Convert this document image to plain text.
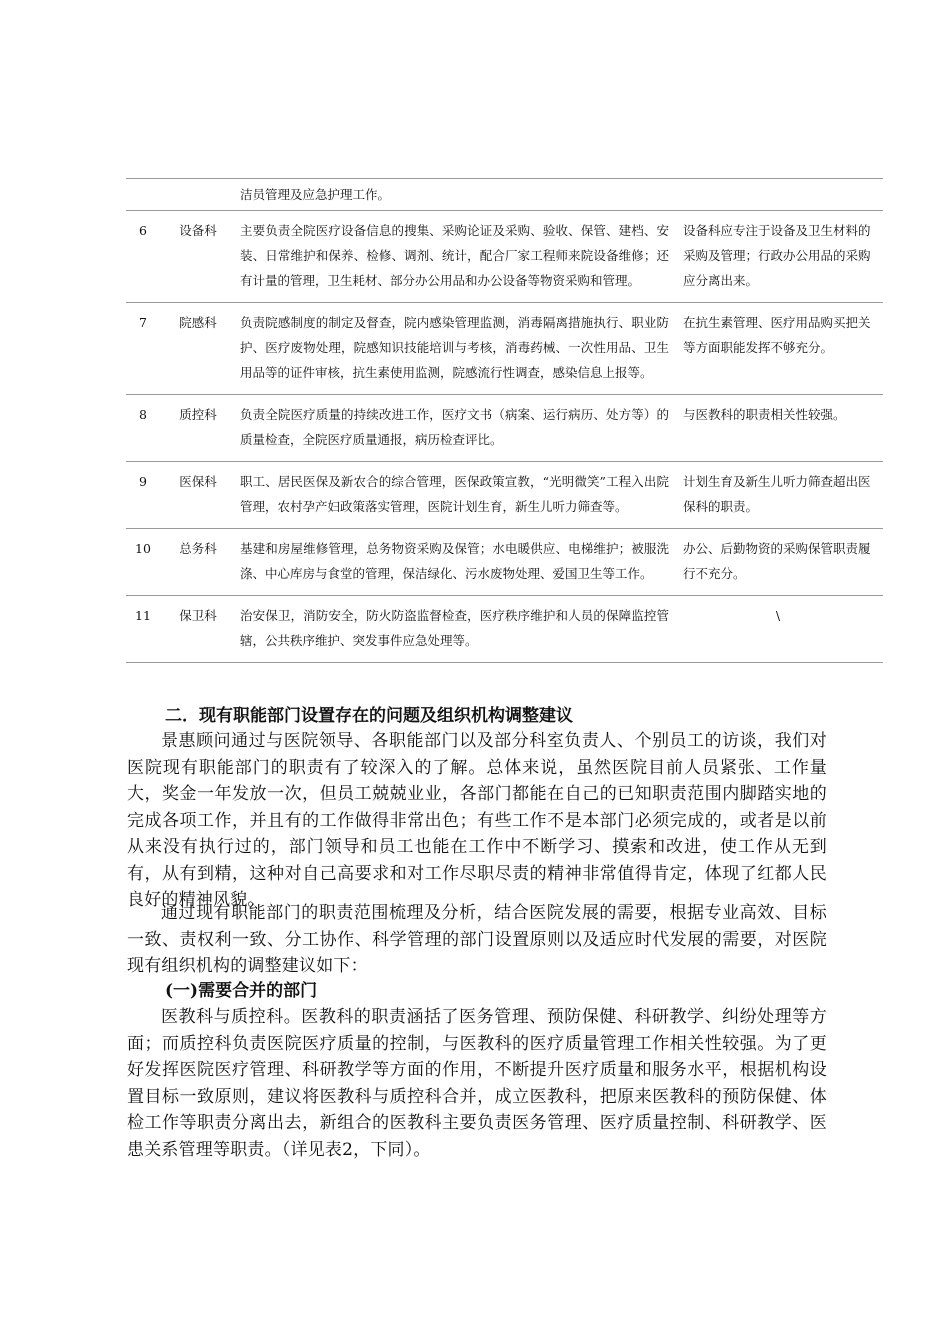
		洁员管理及应急护理工作。	
6	设备科	主要负责全院医疗设备信息的搜集、采购论证及采购、验收、保管、建档、安装、日常维护和保养、检修、调剂、统计，配合厂家工程师来院设备维修；还有计量的管理，卫生耗材、部分办公用品和办公设备等物资采购和管理。	设备科应专注于设备及卫生材料的采购及管理；行政办公用品的采购应分离出来。
7	院感科	负责院感制度的制定及督查，院内感染管理监测，消毒隔离措施执行、职业防护、医疗废物处理，院感知识技能培训与考核，消毒药械、一次性用品、卫生用品等的证件审核，抗生素使用监测，院感流行性调查，感染信息上报等。	在抗生素管理、医疗用品购买把关等方面职能发挥不够充分。
8	质控科	负责全院医疗质量的持续改进工作，医疗文书（病案、运行病历、处方等）的质量检查，全院医疗质量通报，病历检查评比。	与医教科的职责相关性较强。
9	医保科	职工、居民医保及新农合的综合管理，医保政策宣教，“光明微笑”工程入出院管理，农村孕产妇政策落实管理，医院计划生育，新生儿听力筛查等。	计划生育及新生儿听力筛查超出医保科的职责。
10	总务科	基建和房屋维修管理，总务物资采购及保管；水电暖供应、电梯维护；被服洗涤、中心库房与食堂的管理，保洁绿化、污水废物处理、爱国卫生等工作。	办公、后勤物资的采购保管职责履行不充分。
11	保卫科	治安保卫，消防安全，防火防盗监督检查，医疗秩序维护和人员的保障监控管辖，公共秩序维护、突发事件应急处理等。	\
二．现有职能部门设置存在的问题及组织机构调整建议

景惠顾问通过与医院领导、各职能部门以及部分科室负责人、个别员工的访谈，我们对医院现有职能部门的职责有了较深入的了解。总体来说，虽然医院目前人员紧张、工作量大，奖金一年发放一次，但员工兢兢业业，各部门都能在自己的已知职责范围内脚踏实地的完成各项工作，并且有的工作做得非常出色；有些工作不是本部门必须完成的，或者是以前从来没有执行过的，部门领导和员工也能在工作中不断学习、摸索和改进，使工作从无到有，从有到精，这种对自己高要求和对工作尽职尽责的精神非常值得肯定，体现了红都人民良好的精神风貌。

通过现有职能部门的职责范围梳理及分析，结合医院发展的需要，根据专业高效、目标一致、责权利一致、分工协作、科学管理的部门设置原则以及适应时代发展的需要，对医院现有组织机构的调整建议如下：

(一)需要合并的部门

医教科与质控科。医教科的职责涵括了医务管理、预防保健、科研教学、纠纷处理等方面；而质控科负责医院医疗质量的控制，与医教科的医疗质量管理工作相关性较强。为了更好发挥医院医疗管理、科研教学等方面的作用，不断提升医疗质量和服务水平，根据机构设置目标一致原则，建议将医教科与质控科合并，成立医教科，把原来医教科的预防保健、体检工作等职责分离出去，新组合的医教科主要负责医务管理、医疗质量控制、科研教学、医患关系管理等职责。（详见表2，下同）。
